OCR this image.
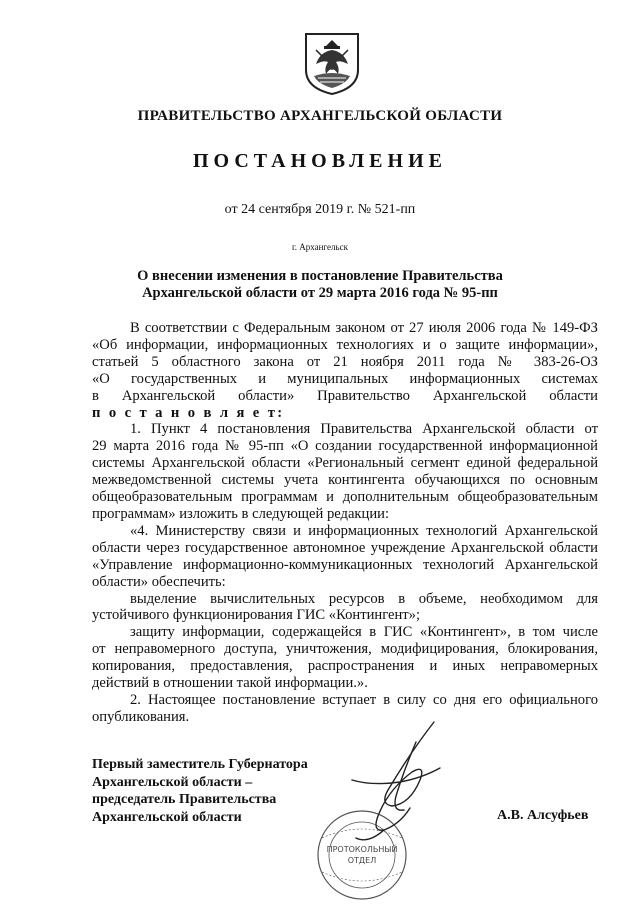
ПРАВИТЕЛЬСТВО АРХАНГЕЛЬСКОЙ ОБЛАСТИ
ПОСТАНОВЛЕНИЕ
от 24 сентября 2019 г. № 521-пп
г. Архангельск
О внесении изменения в постановление Правительства
Архангельской области от 29 марта 2016 года № 95-пп
В соответствии с Федеральным законом от 27 июля 2006 года № 149-ФЗ
«Об информации, информационных технологиях и о защите информации»,
статьей 5 областного закона от 21 ноября 2011 года № 383-26-ОЗ
«О государственных и муниципальных информационных системах
в Архангельской области» Правительство Архангельской области
п о с т а н о в л я е т:
1. Пункт 4 постановления Правительства Архангельской области от
29 марта 2016 года № 95-пп «О создании государственной информационной
системы Архангельской области «Региональный сегмент единой федеральной
межведомственной системы учета контингента обучающихся по основным
общеобразовательным программам и дополнительным общеобразовательным
программам» изложить в следующей редакции:
«4. Министерству связи и информационных технологий Архангельской
области через государственное автономное учреждение Архангельской области
«Управление информационно-коммуникационных технологий Архангельской
области» обеспечить:
выделение вычислительных ресурсов в объеме, необходимом для
устойчивого функционирования ГИС «Контингент»;
защиту информации, содержащейся в ГИС «Контингент», в том числе
от неправомерного доступа, уничтожения, модифицирования, блокирования,
копирования, предоставления, распространения и иных неправомерных
действий в отношении такой информации.».
2. Настоящее постановление вступает в силу со дня его официального
опубликования.
Первый заместитель Губернатора
Архангельской области –
председатель Правительства
Архангельской области	А.В. Алсуфьев
ПРОТОКОЛЬНЫЙ
ОТДЕЛ
